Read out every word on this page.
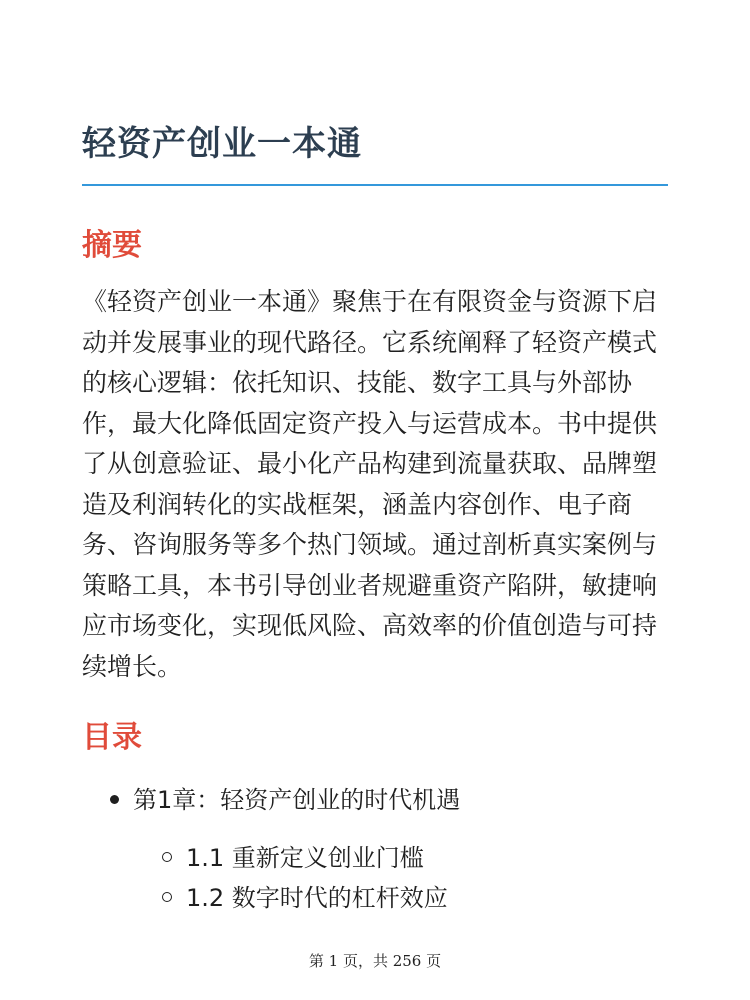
轻资产创业一本通
摘要

《轻资产创业一本通》聚焦于在有限资金与资源下启动并发展事业的现代路径。它系统阐释了轻资产模式的核心逻辑：依托知识、技能、数字工具与外部协作，最大化降低固定资产投入与运营成本。书中提供了从创意验证、最小化产品构建到流量获取、品牌塑造及利润转化的实战框架，涵盖内容创作、电子商务、咨询服务等多个热门领域。通过剖析真实案例与策略工具，本书引导创业者规避重资产陷阱，敏捷响应市场变化，实现低风险、高效率的价值创造与可持续增长。

目录
第1章：轻资产创业的时代机遇
1.1 重新定义创业门槛
1.2 数字时代的杠杆效应
第 1 页，共 256 页
